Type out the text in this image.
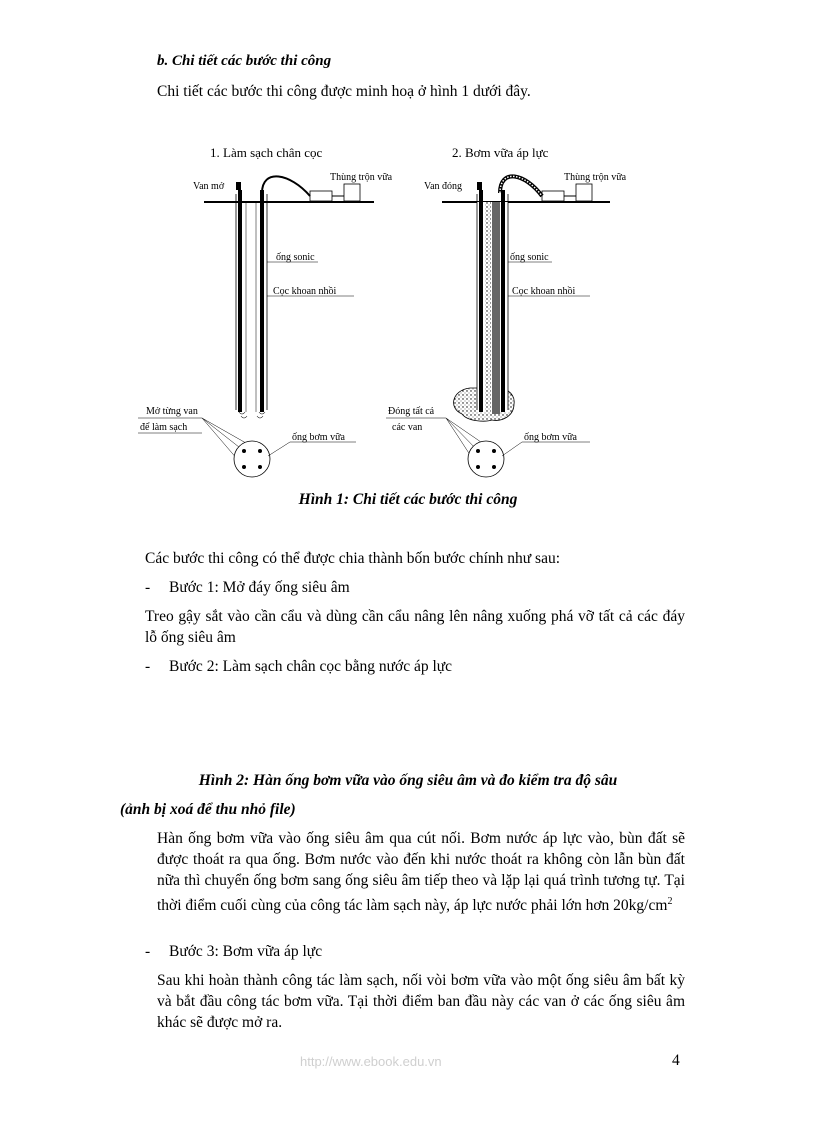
b. Chi tiết các bước thi công
Chi tiết các bước thi công được minh hoạ ở hình 1 dưới đây.
1. Làm sạch chân cọc
Van mở
Thùng trộn vữa
ống sonic
Cọc khoan nhồi
Mở từng van
để làm sạch
ống bơm vữa
2. Bơm vữa áp lực
Van đóng
Thùng trộn vữa
ống sonic
Cọc khoan nhồi
Đóng tất cả
các van
ống bơm vữa
Hình 1: Chi tiết các bước thi công
Các bước thi công có thể được chia thành bốn bước chính như sau:
- Bước 1: Mở đáy ống siêu âm
Treo gậy sắt vào cần cẩu và dùng cần cẩu nâng lên nâng xuống phá vỡ tất cả các đáy lỗ ống siêu âm
- Bước 2: Làm sạch chân cọc bằng nước áp lực
Hình 2: Hàn ống bơm vữa vào ống siêu âm và đo kiểm tra độ sâu
(ảnh bị xoá để thu nhỏ file)
Hàn ống bơm vữa vào ống siêu âm qua cút nối. Bơm nước áp lực vào, bùn đất sẽ được thoát ra qua ống. Bơm nước vào đến khi nước thoát ra không còn lẫn bùn đất nữa thì chuyển ống bơm sang ống siêu âm tiếp theo và lặp lại quá trình tương tự. Tại thời điểm cuối cùng của công tác làm sạch này, áp lực nước phải lớn hơn $20kg/cm^2$
- Bước 3: Bơm vữa áp lực
Sau khi hoàn thành công tác làm sạch, nối vòi bơm vữa vào một ống siêu âm bất kỳ và bắt đầu công tác bơm vữa. Tại thời điểm ban đầu này các van ở các ống siêu âm khác sẽ được mở ra.
http://www.ebook.edu.vn	4
